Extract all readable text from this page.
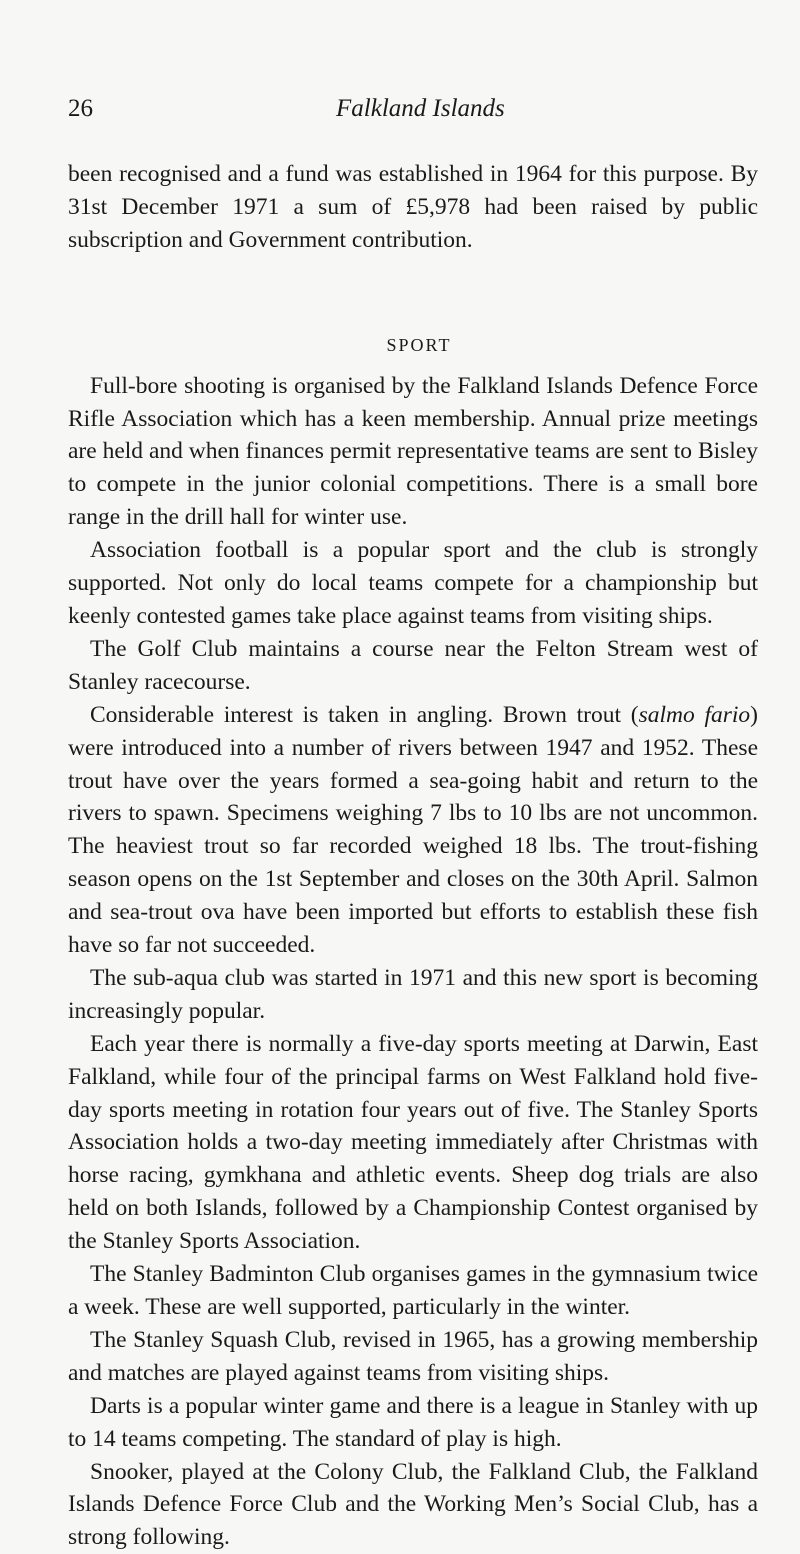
26	Falkland Islands

been recognised and a fund was established in 1964 for this purpose. By 31st December 1971 a sum of £5,978 had been raised by public subscription and Government contribution.

SPORT

Full-bore shooting is organised by the Falkland Islands Defence Force Rifle Association which has a keen membership. Annual prize meetings are held and when finances permit representative teams are sent to Bisley to compete in the junior colonial competitions. There is a small bore range in the drill hall for winter use.

Association football is a popular sport and the club is strongly supported. Not only do local teams compete for a championship but keenly contested games take place against teams from visiting ships.

The Golf Club maintains a course near the Felton Stream west of Stanley racecourse.

Considerable interest is taken in angling. Brown trout (salmo fario) were introduced into a number of rivers between 1947 and 1952. These trout have over the years formed a sea-going habit and return to the rivers to spawn. Specimens weighing 7 lbs to 10 lbs are not uncommon. The heaviest trout so far recorded weighed 18 lbs. The trout-fishing season opens on the 1st September and closes on the 30th April. Salmon and sea-trout ova have been imported but efforts to establish these fish have so far not succeeded.

The sub-aqua club was started in 1971 and this new sport is becoming increasingly popular.

Each year there is normally a five-day sports meeting at Darwin, East Falkland, while four of the principal farms on West Falkland hold five-day sports meeting in rotation four years out of five. The Stanley Sports Association holds a two-day meeting immediately after Christmas with horse racing, gymkhana and athletic events. Sheep dog trials are also held on both Islands, followed by a Championship Contest organised by the Stanley Sports Association.

The Stanley Badminton Club organises games in the gymnasium twice a week. These are well supported, particularly in the winter.

The Stanley Squash Club, revised in 1965, has a growing membership and matches are played against teams from visiting ships.

Darts is a popular winter game and there is a league in Stanley with up to 14 teams competing. The standard of play is high.

Snooker, played at the Colony Club, the Falkland Club, the Falkland Islands Defence Force Club and the Working Men’s Social Club, has a strong following.
